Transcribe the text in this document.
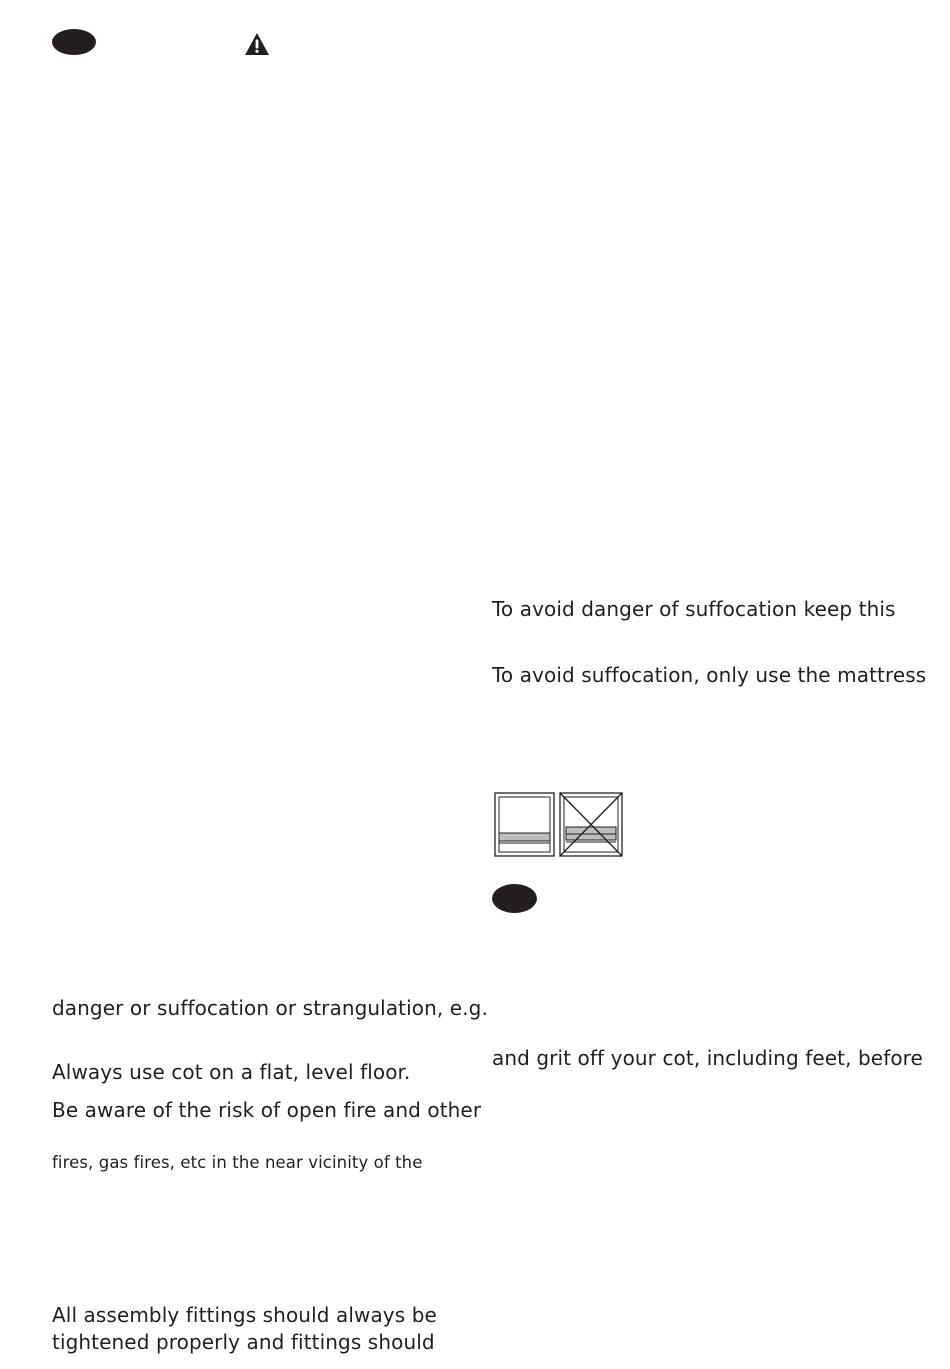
To avoid danger of suffocation keep this
To avoid suffocation, only use the mattress
danger or suffocation or strangulation, e.g.
Always use cot on a flat, level floor.
Be aware of the risk of open fire and other
fires, gas fires, etc in the near vicinity of the
and grit off your cot, including feet, before
All assembly fittings should always be
tightened properly and fittings should
